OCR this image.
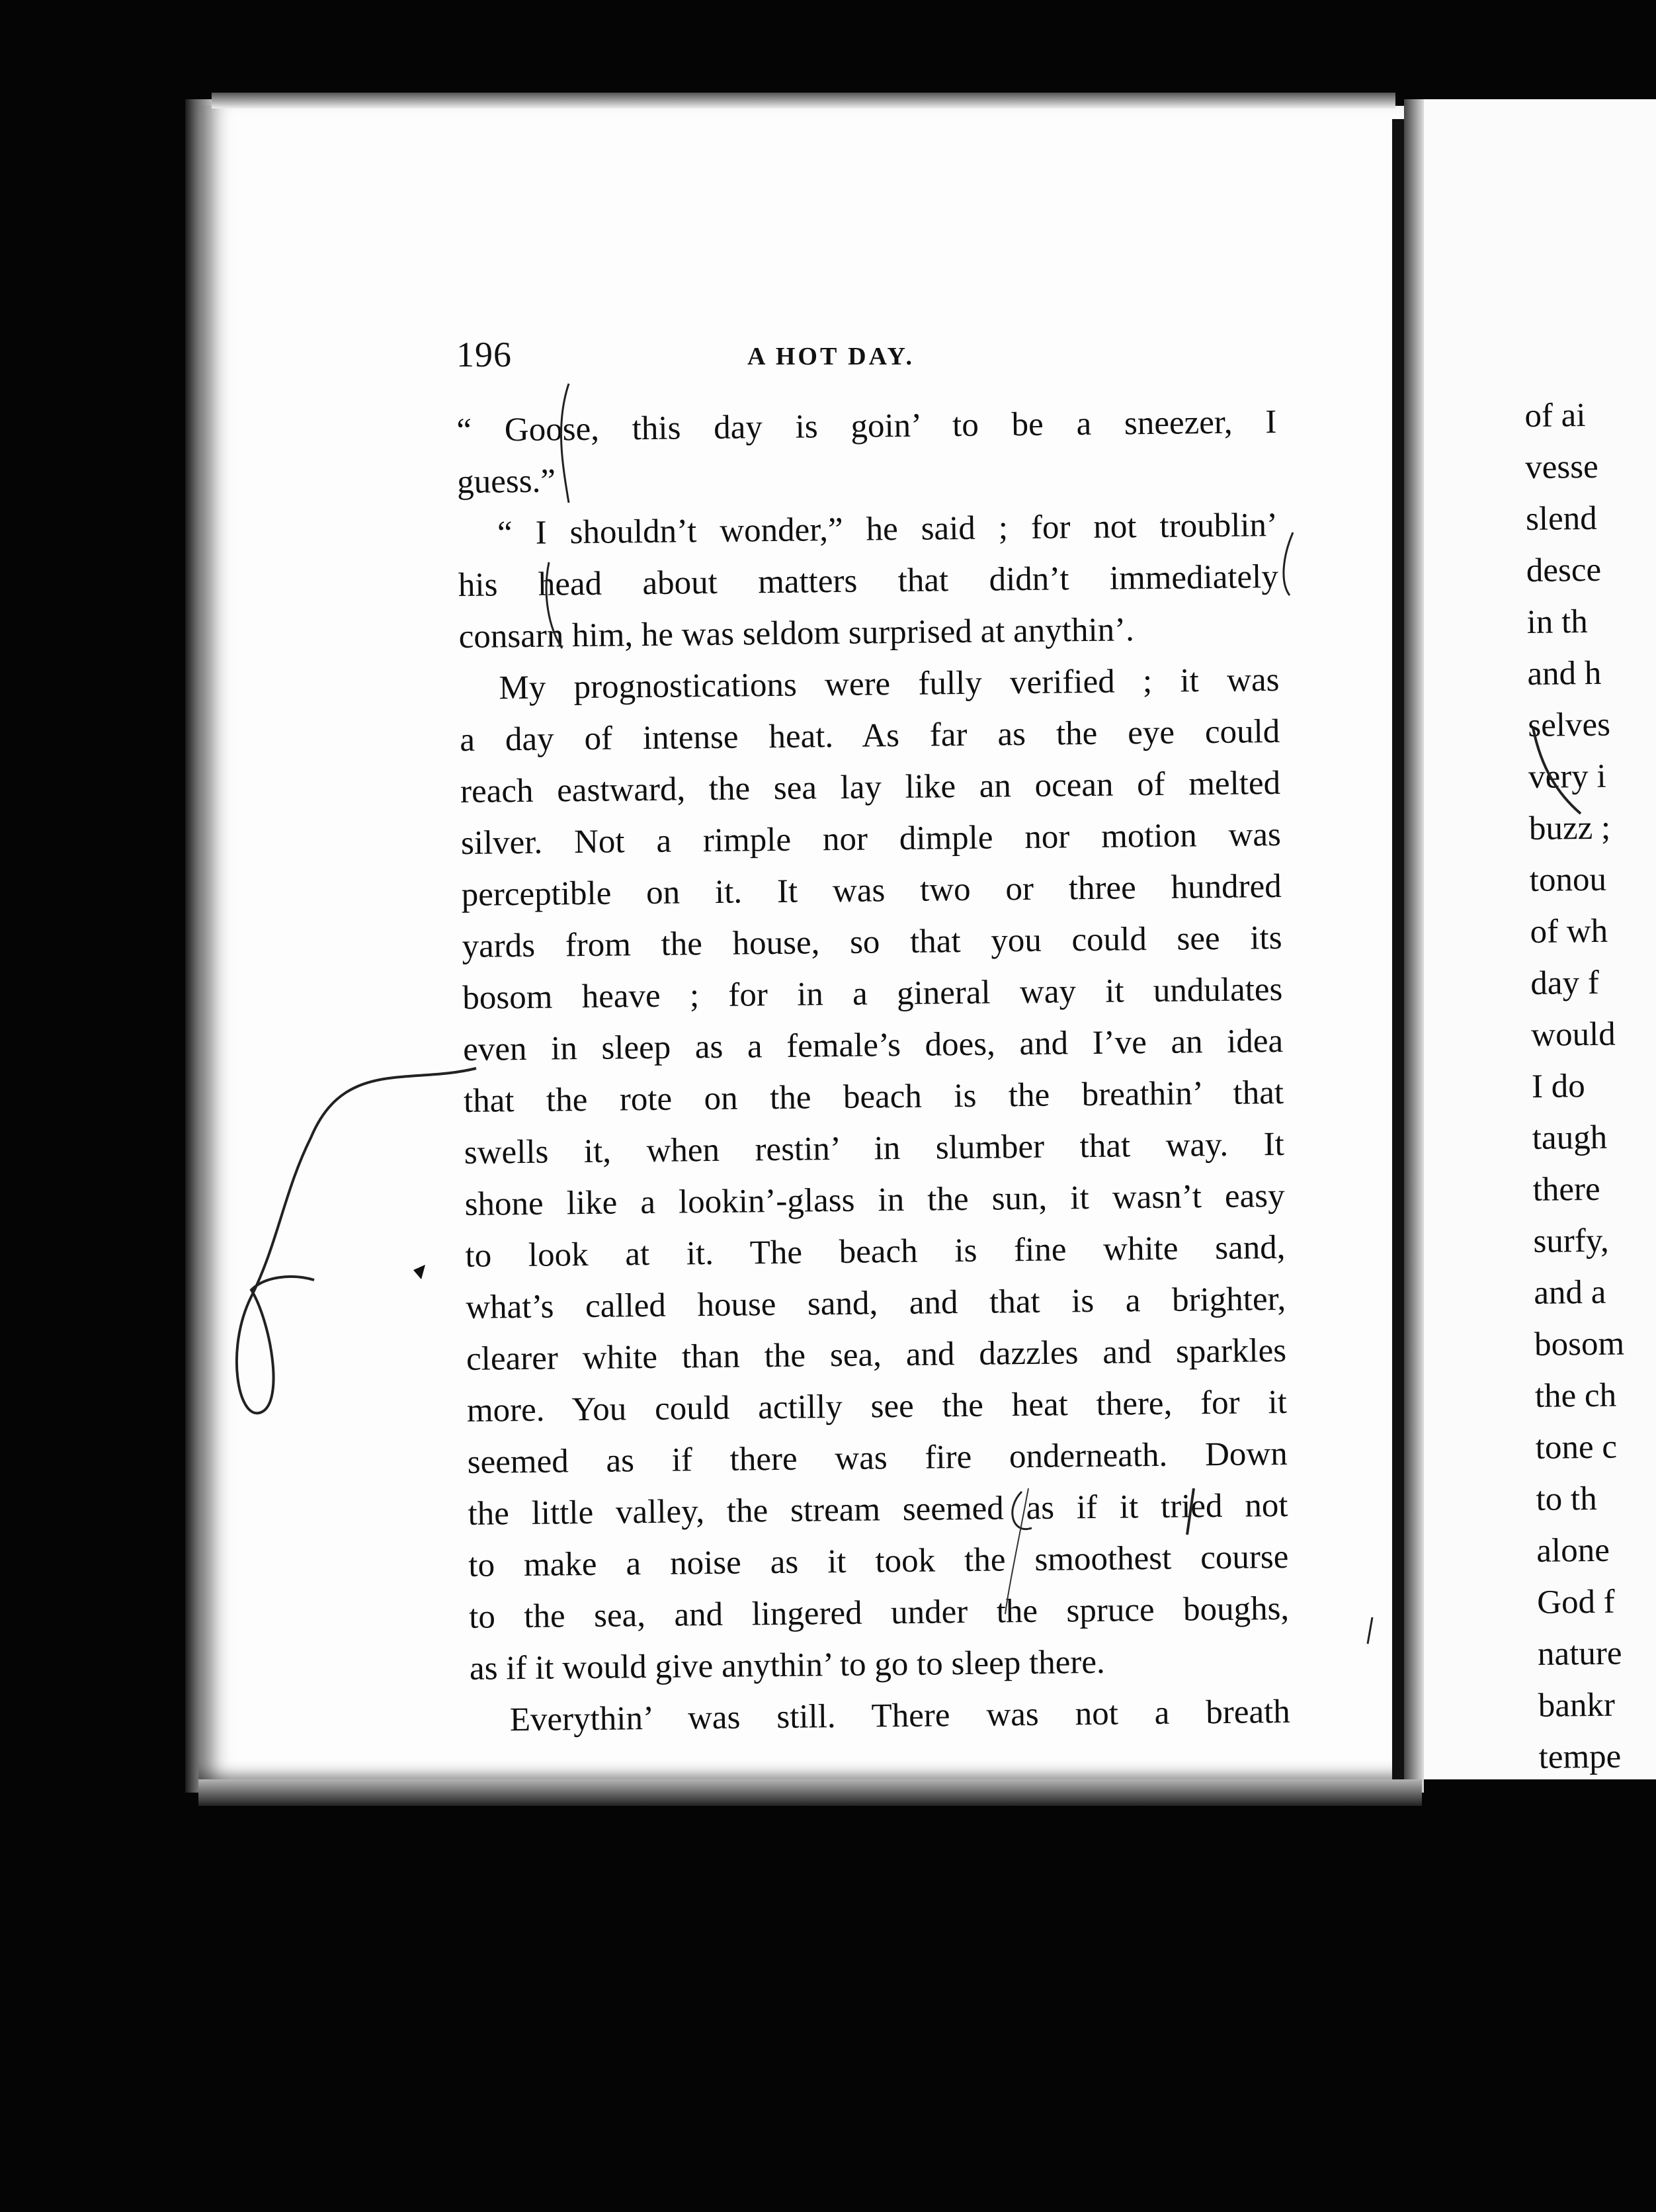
196	A HOT DAY.
“ Goose, this day is goin’ to be a sneezer, I
guess.”
“ I shouldn’t wonder,” he said ; for not troublin’
his head about matters that didn’t immediately
consarn him, he was seldom surprised at anythin’.
My prognostications were fully verified ; it was
a day of intense heat. As far as the eye could
reach eastward, the sea lay like an ocean of melted
silver. Not a rimple nor dimple nor motion was
perceptible on it. It was two or three hundred
yards from the house, so that you could see its
bosom heave ; for in a gineral way it undulates
even in sleep as a female’s does, and I’ve an idea
that the rote on the beach is the breathin’ that
swells it, when restin’ in slumber that way. It
shone like a lookin’-glass in the sun, it wasn’t easy
to look at it. The beach is fine white sand,
what’s called house sand, and that is a brighter,
clearer white than the sea, and dazzles and sparkles
more. You could actilly see the heat there, for it
seemed as if there was fire onderneath. Down
the little valley, the stream seemed as if it tried not
to make a noise as it took the smoothest course
to the sea, and lingered under the spruce boughs,
as if it would give anythin’ to go to sleep there.
Everythin’ was still. There was not a breath
of ai
vesse
slend
desce
in th
and h
selves
very i
buzz ;
tonou
of wh
day f
would
I do
taugh
there
surfy,
and a
bosom
the ch
tone c
to th
alone
God f
nature
bankr
tempe
